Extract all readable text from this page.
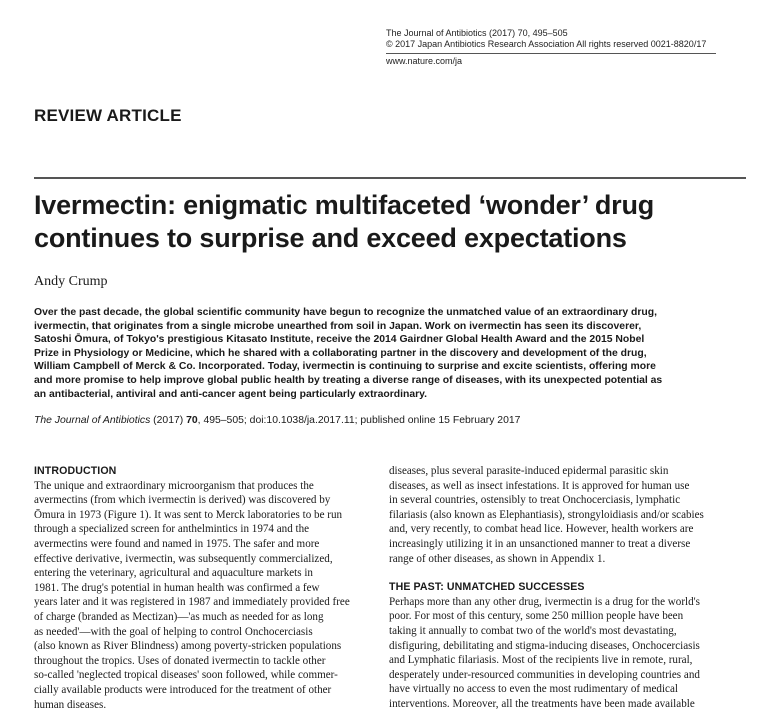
The Journal of Antibiotics (2017) 70, 495–505
© 2017 Japan Antibiotics Research Association All rights reserved 0021-8820/17
www.nature.com/ja
REVIEW ARTICLE
Ivermectin: enigmatic multifaceted ‘wonder’ drug
continues to surprise and exceed expectations
Andy Crump
Over the past decade, the global scientific community have begun to recognize the unmatched value of an extraordinary drug,
ivermectin, that originates from a single microbe unearthed from soil in Japan. Work on ivermectin has seen its discoverer,
Satoshi Ōmura, of Tokyo's prestigious Kitasato Institute, receive the 2014 Gairdner Global Health Award and the 2015 Nobel
Prize in Physiology or Medicine, which he shared with a collaborating partner in the discovery and development of the drug,
William Campbell of Merck & Co. Incorporated. Today, ivermectin is continuing to surprise and excite scientists, offering more
and more promise to help improve global public health by treating a diverse range of diseases, with its unexpected potential as
an antibacterial, antiviral and anti-cancer agent being particularly extraordinary.
The Journal of Antibiotics (2017) 70, 495–505; doi:10.1038/ja.2017.11; published online 15 February 2017
INTRODUCTION
The unique and extraordinary microorganism that produces the
avermectins (from which ivermectin is derived) was discovered by
Ōmura in 1973 (Figure 1). It was sent to Merck laboratories to be run
through a specialized screen for anthelmintics in 1974 and the
avermectins were found and named in 1975. The safer and more
effective derivative, ivermectin, was subsequently commercialized,
entering the veterinary, agricultural and aquaculture markets in
1981. The drug's potential in human health was confirmed a few
years later and it was registered in 1987 and immediately provided free
of charge (branded as Mectizan)—'as much as needed for as long
as needed'—with the goal of helping to control Onchocerciasis
(also known as River Blindness) among poverty-stricken populations
throughout the tropics. Uses of donated ivermectin to tackle other
so-called 'neglected tropical diseases' soon followed, while commer-
cially available products were introduced for the treatment of other
human diseases.
diseases, plus several parasite-induced epidermal parasitic skin
diseases, as well as insect infestations. It is approved for human use
in several countries, ostensibly to treat Onchocerciasis, lymphatic
filariasis (also known as Elephantiasis), strongyloidiasis and/or scabies
and, very recently, to combat head lice. However, health workers are
increasingly utilizing it in an unsanctioned manner to treat a diverse
range of other diseases, as shown in Appendix 1.
THE PAST: UNMATCHED SUCCESSES
Perhaps more than any other drug, ivermectin is a drug for the world's
poor. For most of this century, some 250 million people have been
taking it annually to combat two of the world's most devastating,
disfiguring, debilitating and stigma-inducing diseases, Onchocerciasis
and Lymphatic filariasis. Most of the recipients live in remote, rural,
desperately under-resourced communities in developing countries and
have virtually no access to even the most rudimentary of medical
interventions. Moreover, all the treatments have been made available
